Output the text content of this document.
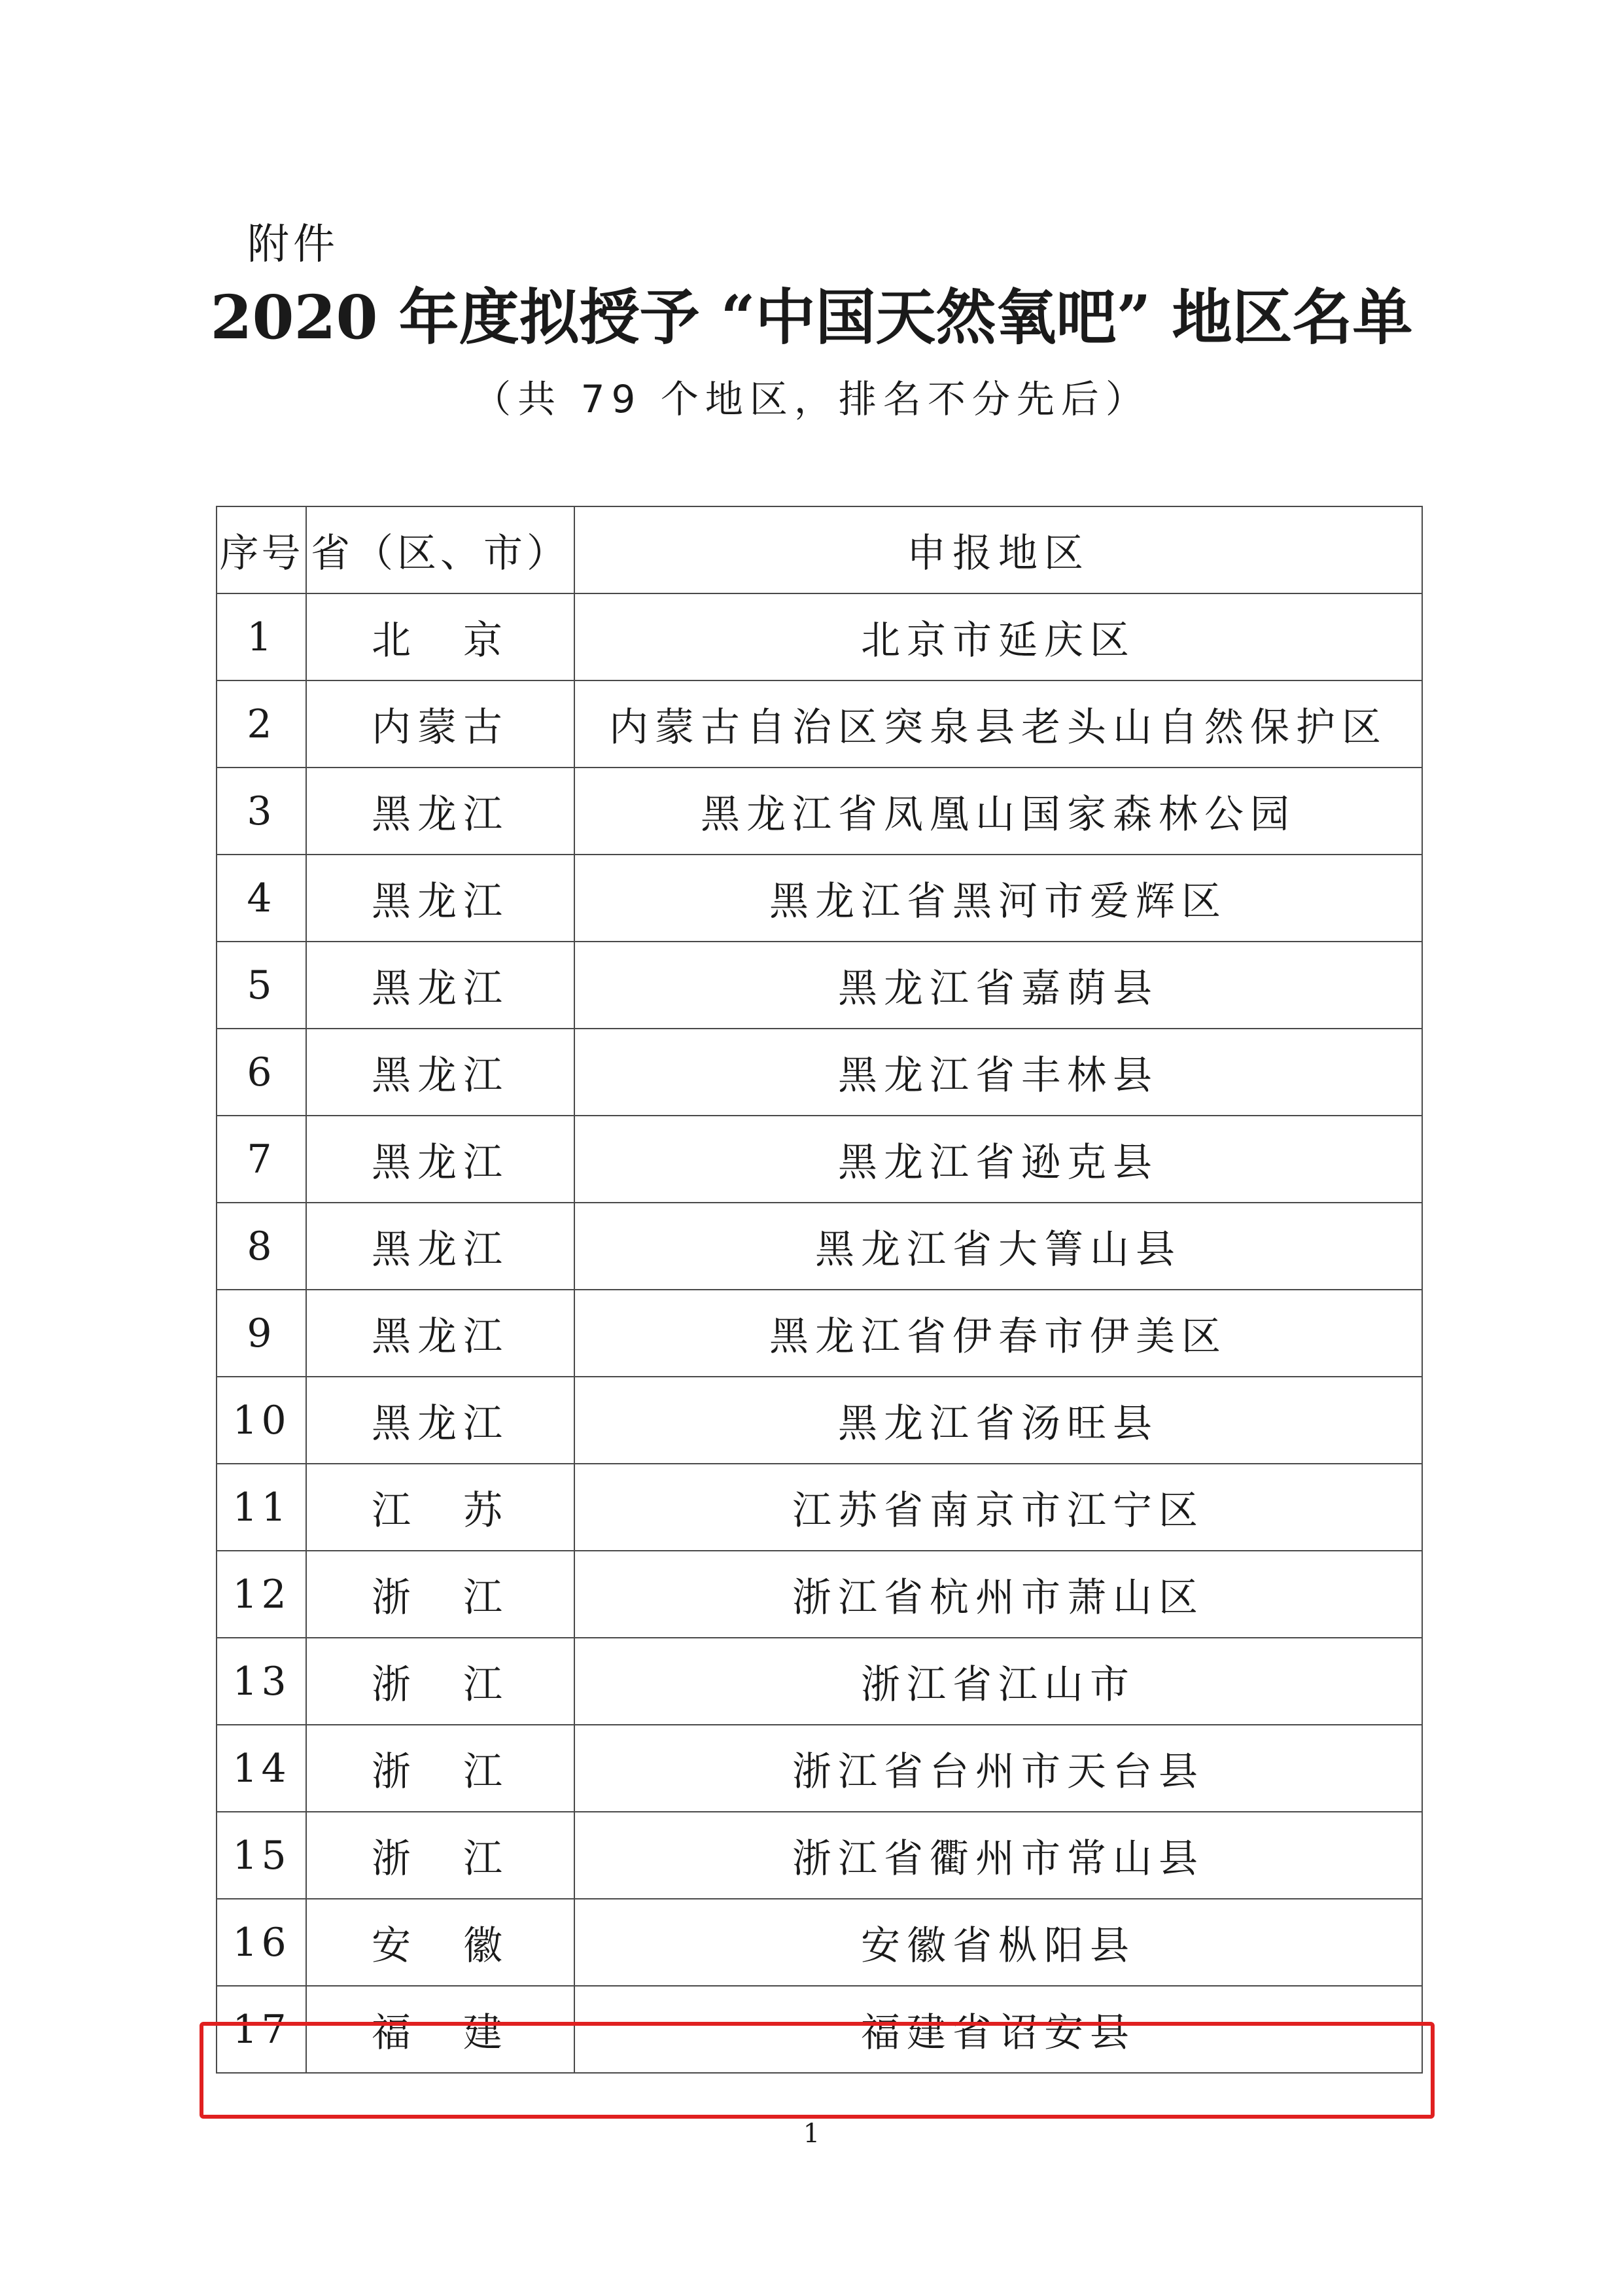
附件
2020 年度拟授予 “中国天然氧吧” 地区名单
（共 79 个地区，排名不分先后）
序号	省（区、市）	申报地区
1	北　京	北京市延庆区
2	内蒙古	内蒙古自治区突泉县老头山自然保护区
3	黑龙江	黑龙江省凤凰山国家森林公园
4	黑龙江	黑龙江省黑河市爱辉区
5	黑龙江	黑龙江省嘉荫县
6	黑龙江	黑龙江省丰林县
7	黑龙江	黑龙江省逊克县
8	黑龙江	黑龙江省大箐山县
9	黑龙江	黑龙江省伊春市伊美区
10	黑龙江	黑龙江省汤旺县
11	江　苏	江苏省南京市江宁区
12	浙　江	浙江省杭州市萧山区
13	浙　江	浙江省江山市
14	浙　江	浙江省台州市天台县
15	浙　江	浙江省衢州市常山县
16	安　徽	安徽省枞阳县
17	福　建	福建省诏安县
1
